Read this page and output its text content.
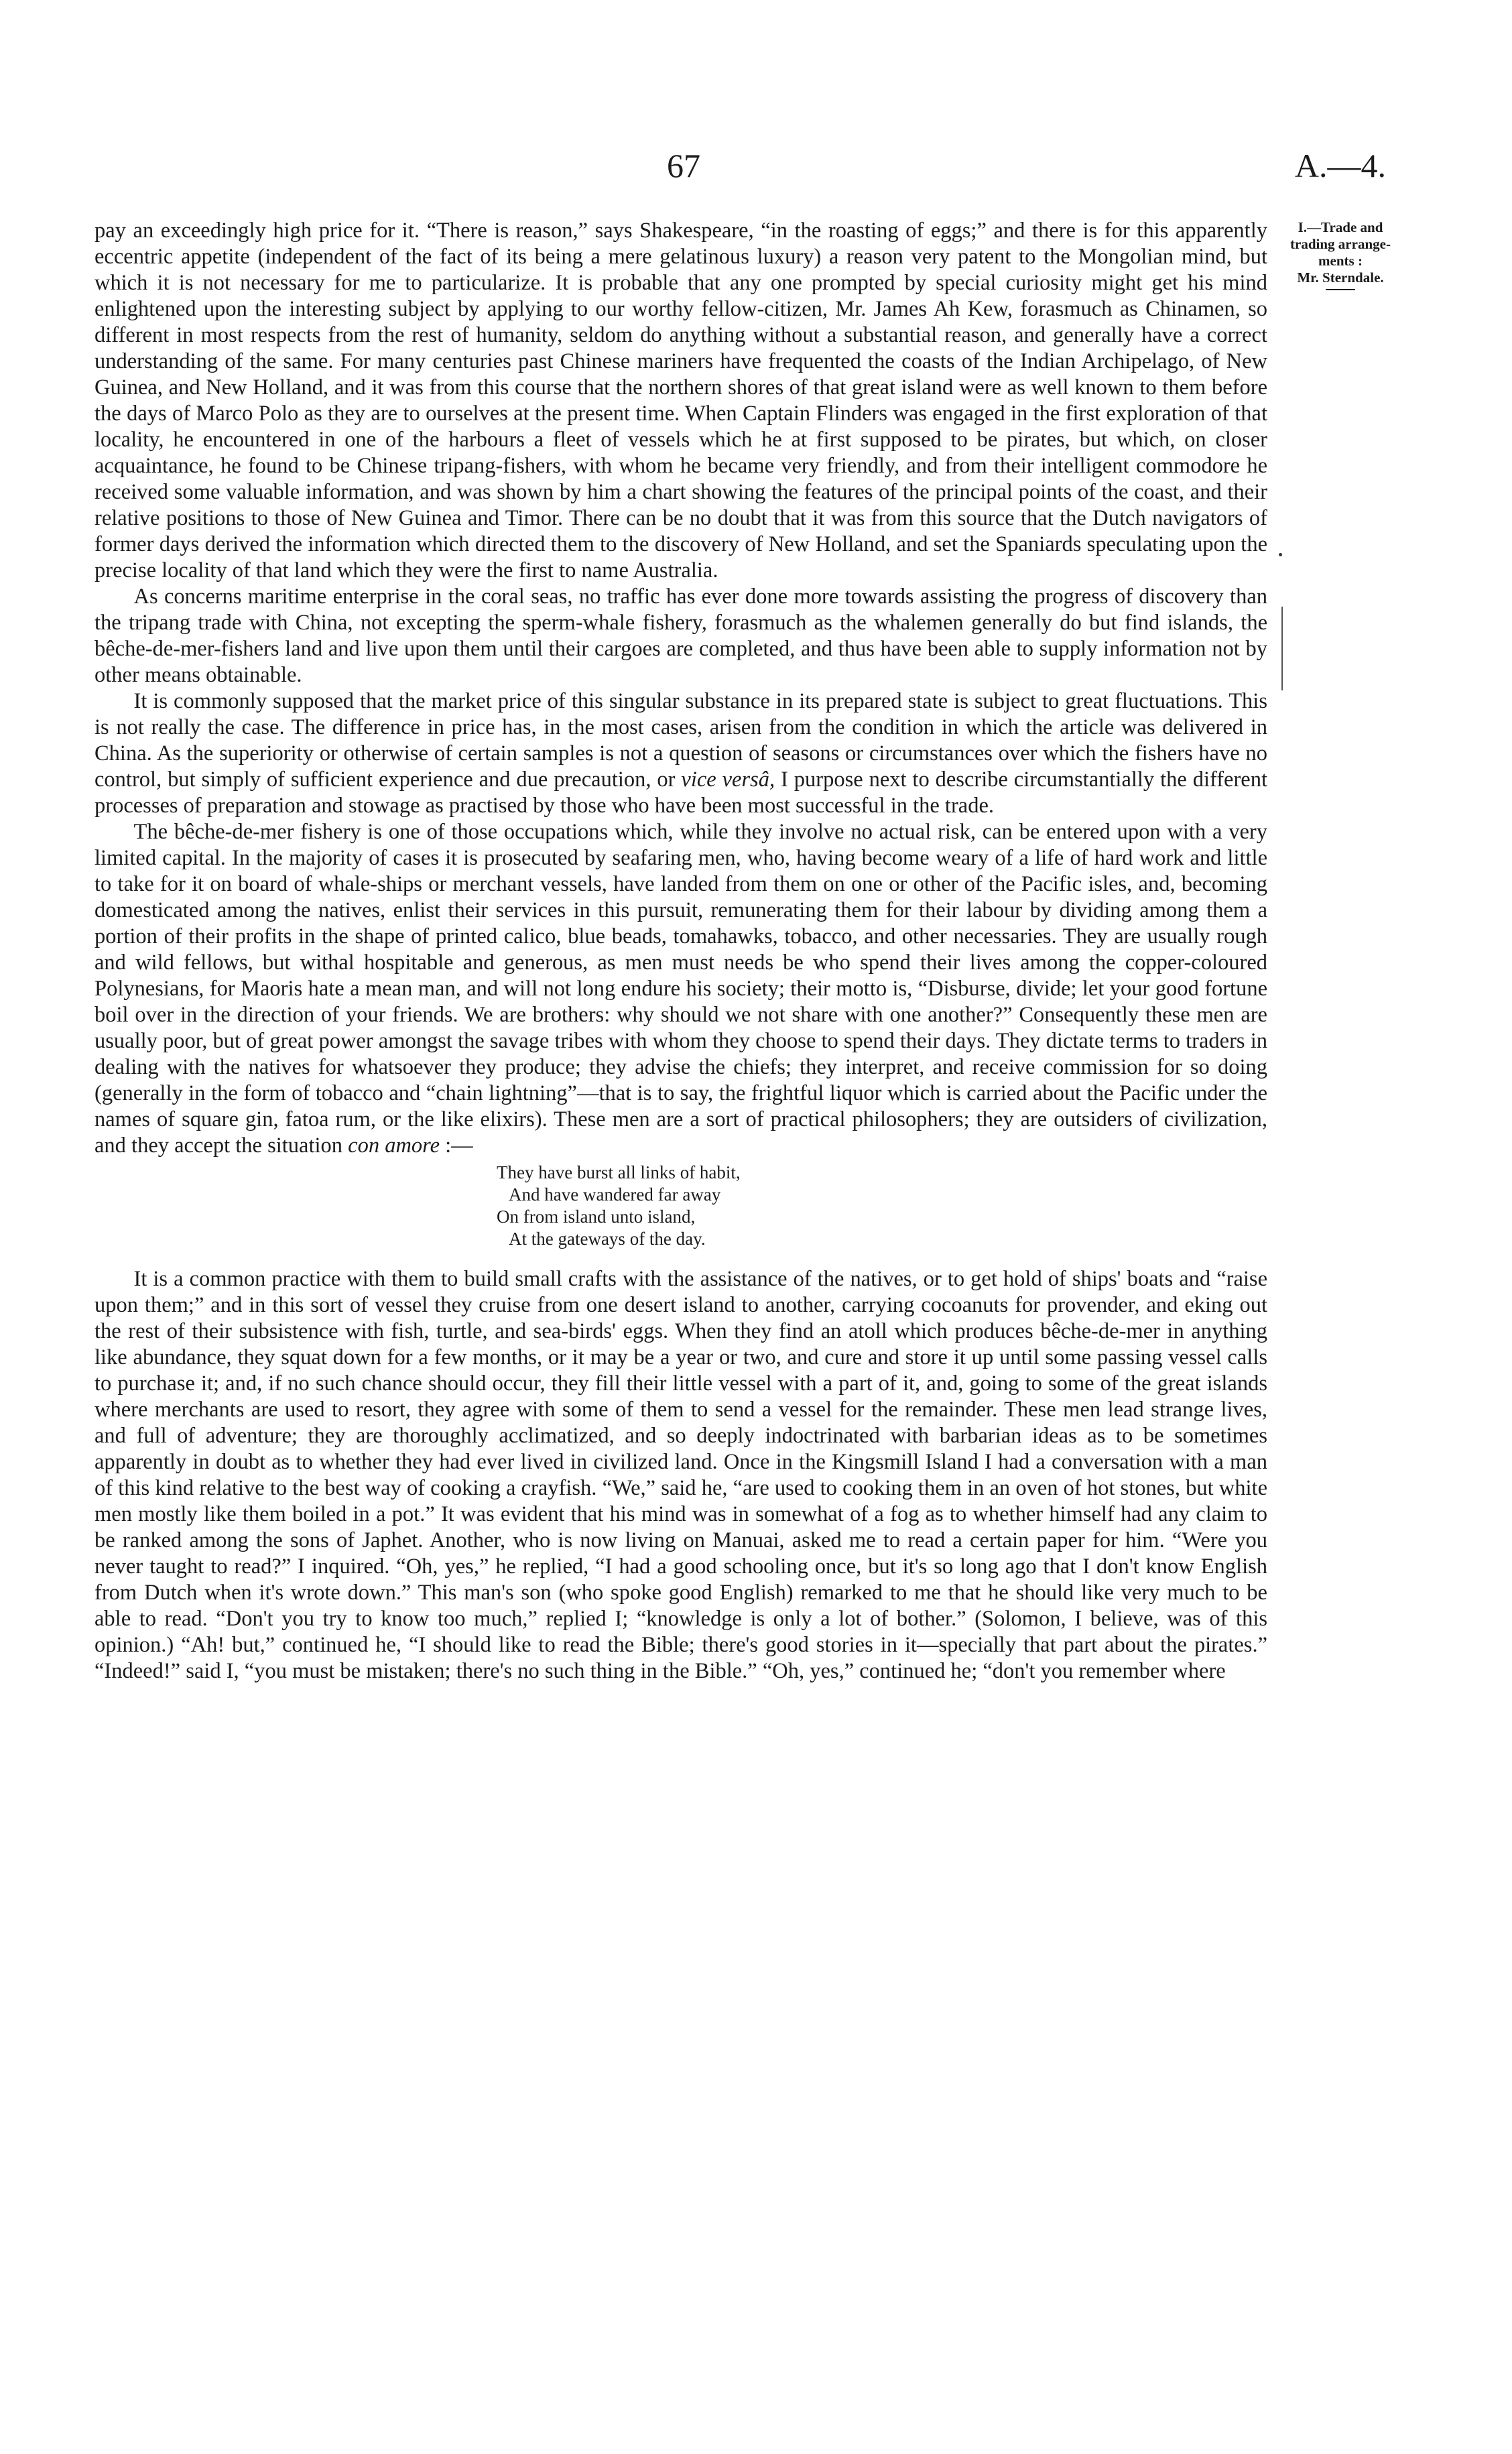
67	A.—4.
I.—Trade and
trading arrange-
ments :
Mr. Sterndale.

pay an exceedingly high price for it. “There is reason,” says Shakespeare, “in the roasting of eggs;” and there is for this apparently eccentric appetite (independent of the fact of its being a mere gelatinous luxury) a reason very patent to the Mongolian mind, but which it is not necessary for me to particularize. It is probable that any one prompted by special curiosity might get his mind enlightened upon the interesting subject by applying to our worthy fellow-citizen, Mr. James Ah Kew, forasmuch as Chinamen, so different in most respects from the rest of humanity, seldom do anything without a substantial reason, and generally have a correct understanding of the same. For many centuries past Chinese mariners have frequented the coasts of the Indian Archipelago, of New Guinea, and New Holland, and it was from this course that the northern shores of that great island were as well known to them before the days of Marco Polo as they are to ourselves at the present time. When Captain Flinders was engaged in the first exploration of that locality, he encountered in one of the harbours a fleet of vessels which he at first supposed to be pirates, but which, on closer acquaintance, he found to be Chinese tripang-fishers, with whom he became very friendly, and from their intelligent commodore he received some valuable information, and was shown by him a chart showing the features of the principal points of the coast, and their relative positions to those of New Guinea and Timor. There can be no doubt that it was from this source that the Dutch navigators of former days derived the information which directed them to the discovery of New Holland, and set the Spaniards speculating upon the precise locality of that land which they were the first to name Australia.

As concerns maritime enterprise in the coral seas, no traffic has ever done more towards assisting the progress of discovery than the tripang trade with China, not excepting the sperm-whale fishery, forasmuch as the whalemen generally do but find islands, the bêche-de-mer-fishers land and live upon them until their cargoes are completed, and thus have been able to supply information not by other means obtainable.

It is commonly supposed that the market price of this singular substance in its prepared state is subject to great fluctuations. This is not really the case. The difference in price has, in the most cases, arisen from the condition in which the article was delivered in China. As the superiority or otherwise of certain samples is not a question of seasons or circumstances over which the fishers have no control, but simply of sufficient experience and due precaution, or vice versâ, I purpose next to describe circumstantially the different processes of preparation and stowage as practised by those who have been most successful in the trade.

The bêche-de-mer fishery is one of those occupations which, while they involve no actual risk, can be entered upon with a very limited capital. In the majority of cases it is prosecuted by seafaring men, who, having become weary of a life of hard work and little to take for it on board of whale-ships or merchant vessels, have landed from them on one or other of the Pacific isles, and, becoming domesticated among the natives, enlist their services in this pursuit, remunerating them for their labour by dividing among them a portion of their profits in the shape of printed calico, blue beads, tomahawks, tobacco, and other necessaries. They are usually rough and wild fellows, but withal hospitable and generous, as men must needs be who spend their lives among the copper-coloured Polynesians, for Maoris hate a mean man, and will not long endure his society; their motto is, “Disburse, divide; let your good fortune boil over in the direction of your friends. We are brothers: why should we not share with one another?” Consequently these men are usually poor, but of great power amongst the savage tribes with whom they choose to spend their days. They dictate terms to traders in dealing with the natives for whatsoever they produce; they advise the chiefs; they interpret, and receive commission for so doing (generally in the form of tobacco and “chain lightning”—that is to say, the frightful liquor which is carried about the Pacific under the names of square gin, fatoa rum, or the like elixirs). These men are a sort of practical philosophers; they are outsiders of civilization, and they accept the situation con amore :—

They have burst all links of habit,
And have wandered far away
On from island unto island,
At the gateways of the day.

It is a common practice with them to build small crafts with the assistance of the natives, or to get hold of ships' boats and “raise upon them;” and in this sort of vessel they cruise from one desert island to another, carrying cocoanuts for provender, and eking out the rest of their subsistence with fish, turtle, and sea-birds' eggs. When they find an atoll which produces bêche-de-mer in anything like abundance, they squat down for a few months, or it may be a year or two, and cure and store it up until some passing vessel calls to purchase it; and, if no such chance should occur, they fill their little vessel with a part of it, and, going to some of the great islands where merchants are used to resort, they agree with some of them to send a vessel for the remainder. These men lead strange lives, and full of adventure; they are thoroughly acclimatized, and so deeply indoctrinated with barbarian ideas as to be sometimes apparently in doubt as to whether they had ever lived in civilized land. Once in the Kingsmill Island I had a conversation with a man of this kind relative to the best way of cooking a crayfish. “We,” said he, “are used to cooking them in an oven of hot stones, but white men mostly like them boiled in a pot.” It was evident that his mind was in somewhat of a fog as to whether himself had any claim to be ranked among the sons of Japhet. Another, who is now living on Manuai, asked me to read a certain paper for him. “Were you never taught to read?” I inquired. “Oh, yes,” he replied, “I had a good schooling once, but it's so long ago that I don't know English from Dutch when it's wrote down.” This man's son (who spoke good English) remarked to me that he should like very much to be able to read. “Don't you try to know too much,” replied I; “knowledge is only a lot of bother.” (Solomon, I believe, was of this opinion.) “Ah! but,” continued he, “I should like to read the Bible; there's good stories in it—specially that part about the pirates.” “Indeed!” said I, “you must be mistaken; there's no such thing in the Bible.” “Oh, yes,” continued he; “don't you remember where
